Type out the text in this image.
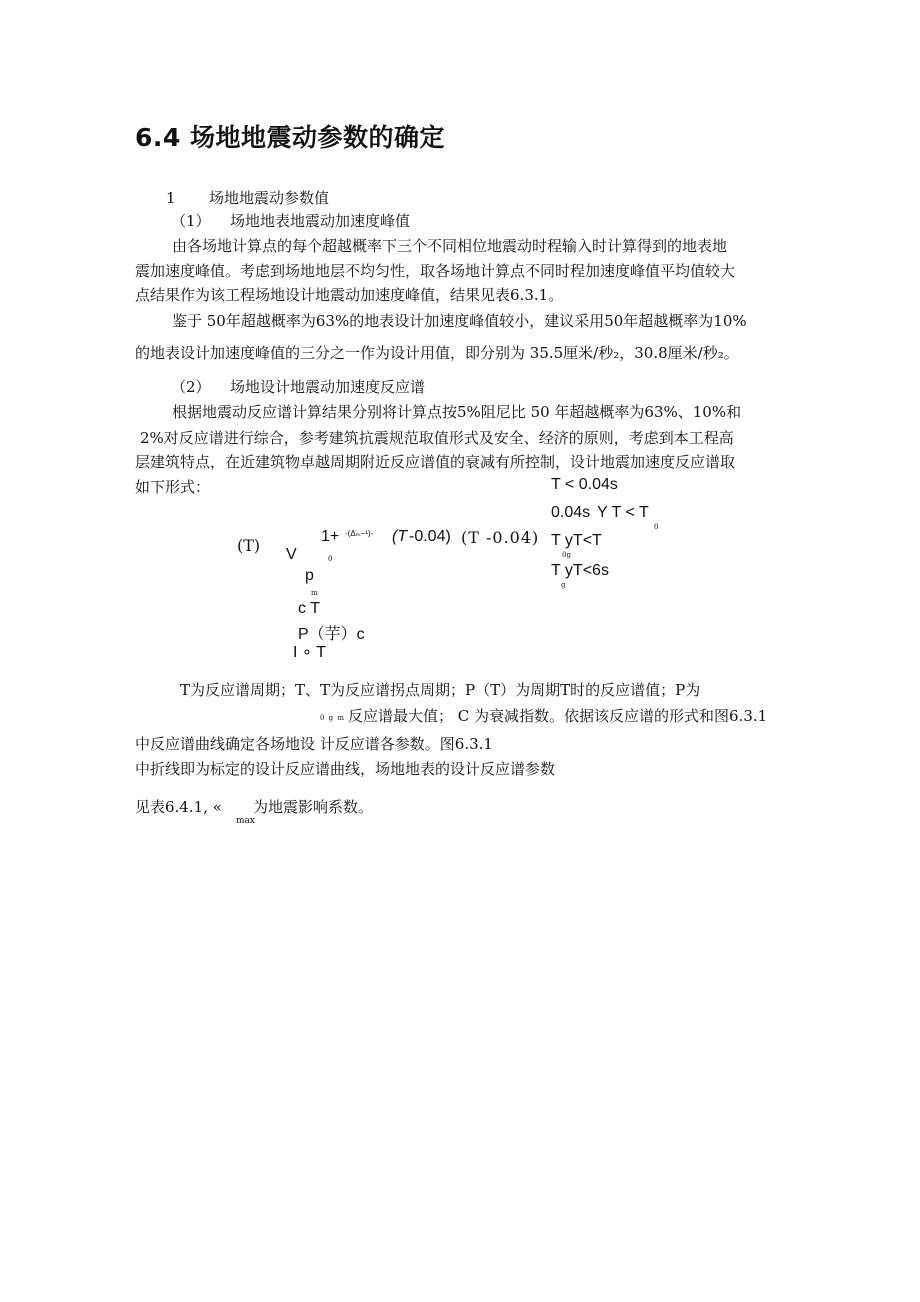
6.4 场地地震动参数的确定
1 场地地震动参数值
（1） 场地地表地震动加速度峰值
由各场地计算点的每个超越概率下三个不同相位地震动时程输入时计算得到的地表地
震加速度峰值。考虑到场地地层不均匀性，取各场地计算点不同时程加速度峰值平均值较大
点结果作为该工程场地设计地震动加速度峰值，结果见表6.3.1。
鉴于 50年超越概率为63%的地表设计加速度峰值较小，建议采用50年超越概率为10%
的地表设计加速度峰值的三分之一作为设计用值，即分别为 35.5厘米/秒₂，30.8厘米/秒₂。
（2） 场地设计地震动加速度反应谱
根据地震动反应谱计算结果分别将计算点按5%阻尼比 50 年超越概率为63%、10%和
2%对反应谱进行综合，参考建筑抗震规范取值形式及安全、经济的原则，考虑到本工程高
层建筑特点，在近建筑物卓越周期附近反应谱值的衰减有所控制，设计地震加速度反应谱取
如下形式：
(T) V	0
1+ -(Δₘ−¹)- (T -0.04) (T -0.04)
p
m
c T
P（芋）c
I ∘ T
T < 0.04s
0.04s Y T < T
0
T yT<T
0g
T yT<6s
g
T为反应谱周期；T、T为反应谱拐点周期；P（T）为周期T时的反应谱值；P为
0 g m 反应谱最大值； C 为衰减指数。依据该反应谱的形式和图6.3.1
中反应谱曲线确定各场地设 计反应谱各参数。图6.3.1
中折线即为标定的设计反应谱曲线，场地地表的设计反应谱参数
见表6.4.1, « 为地震影响系数。
max
